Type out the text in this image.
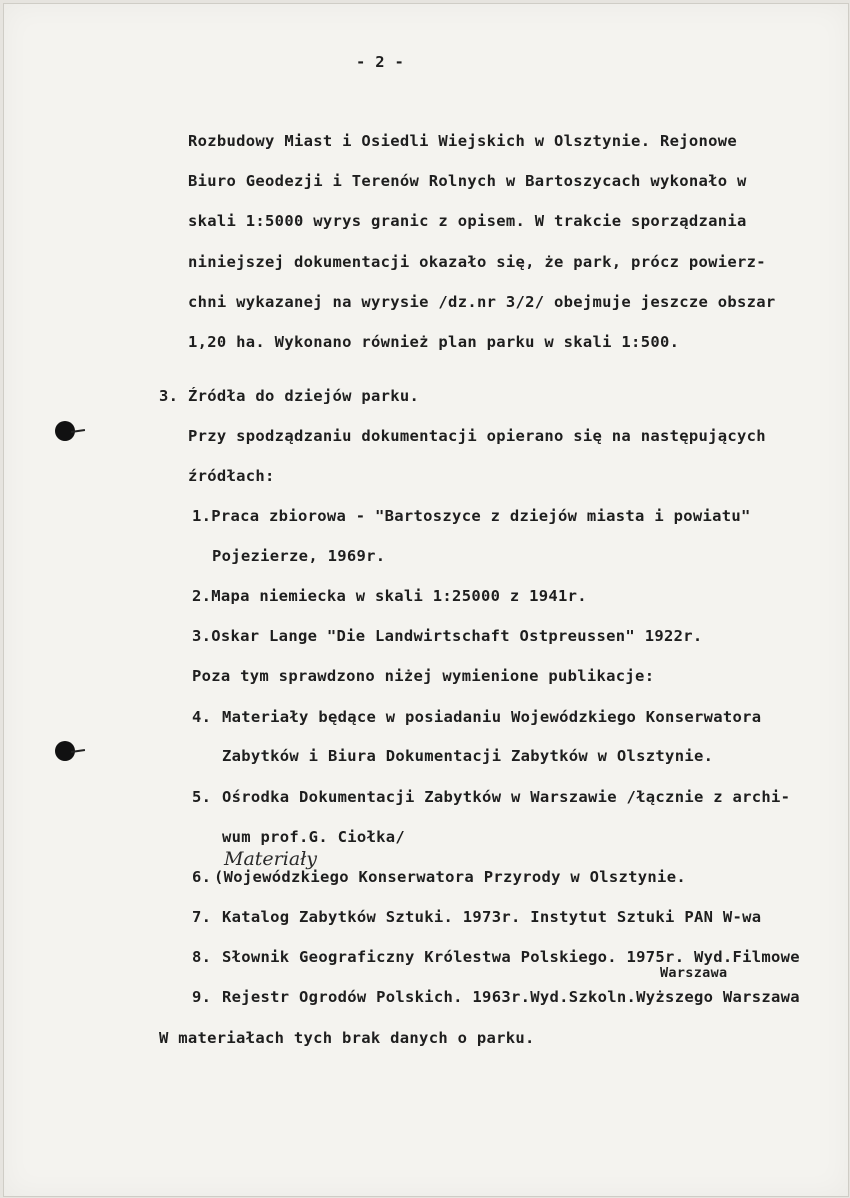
- 2 -
Rozbudowy Miast i Osiedli Wiejskich w Olsztynie. Rejonowe
Biuro Geodezji i Terenów Rolnych w Bartoszycach wykonało w
skali 1:5000 wyrys granic z opisem. W trakcie sporządzania
niniejszej dokumentacji okazało się, że park, prócz powierz-
chni wykazanej na wyrysie /dz.nr 3/2/ obejmuje jeszcze obszar
1,20 ha. Wykonano również plan parku w skali 1:500.
3. Źródła do dziejów parku.
Przy spodządzaniu dokumentacji opierano się na następujących
źródłach:
1.Praca zbiorowa - "Bartoszyce z dziejów miasta i powiatu"
Pojezierze, 1969r.
2.Mapa niemiecka w skali 1:25000 z 1941r.
3.Oskar Lange "Die Landwirtschaft Ostpreussen" 1922r.
Poza tym sprawdzono niżej wymienione publikacje:
4. Materiały będące w posiadaniu Wojewódzkiego Konserwatora
Zabytków i Biura Dokumentacji Zabytków w Olsztynie.
5. Ośrodka Dokumentacji Zabytków w Warszawie /łącznie z archi-
wum prof.G. Ciołka/
Materiały
6. (Wojewódzkiego Konserwatora Przyrody w Olsztynie.
7. Katalog Zabytków Sztuki. 1973r. Instytut Sztuki PAN W-wa
8. Słownik Geograficzny Królestwa Polskiego. 1975r. Wyd.Filmowe
Warszawa
9. Rejestr Ogrodów Polskich. 1963r.Wyd.Szkoln.Wyższego Warszawa
W materiałach tych brak danych o parku.
